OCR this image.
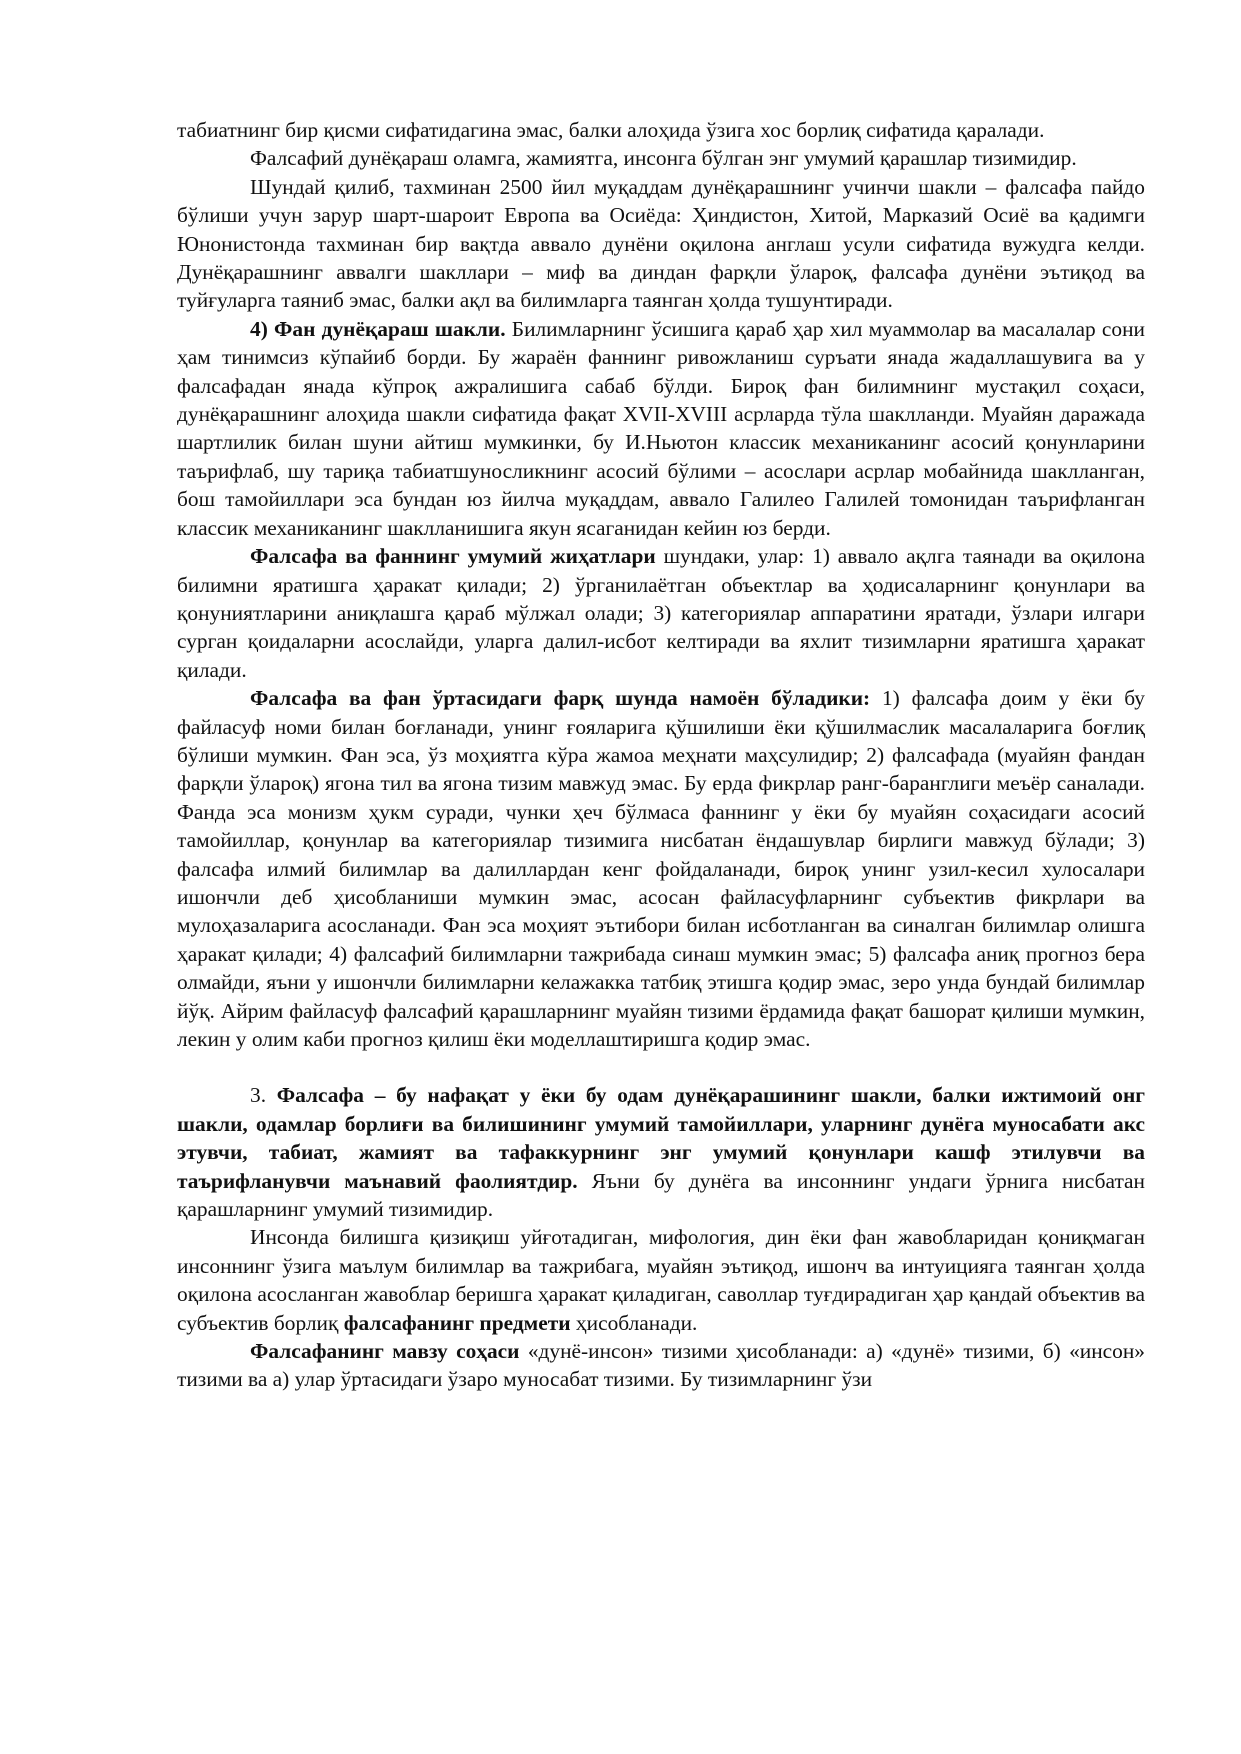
табиатнинг бир қисми сифатидагина эмас, балки алоҳида ўзига хос борлиқ сифатида қаралади.

Фалсафий дунёқараш оламга, жамиятга, инсонга бўлган энг умумий қарашлар тизимидир.

Шундай қилиб, тахминан 2500 йил муқаддам дунёқарашнинг учинчи шакли – фалсафа пайдо бўлиши учун зарур шарт-шароит Европа ва Осиёда: Ҳиндистон, Хитой, Марказий Осиё ва қадимги Юнонистонда тахминан бир вақтда аввало дунёни оқилона англаш усули сифатида вужудга келди. Дунёқарашнинг аввалги шакллари – миф ва диндан фарқли ўлароқ, фалсафа дунёни эътиқод ва туйғуларга таяниб эмас, балки ақл ва билимларга таянган ҳолда тушунтиради.

4) Фан дунёқараш шакли. Билимларнинг ўсишига қараб ҳар хил муаммолар ва масалалар сони ҳам тинимсиз кўпайиб борди. Бу жараён фаннинг ривожланиш суръати янада жадаллашувига ва у фалсафадан янада кўпроқ ажралишига сабаб бўлди. Бироқ фан билимнинг мустақил соҳаси, дунёқарашнинг алоҳида шакли сифатида фақат XVII-XVIII асрларда тўла шаклланди. Муайян даражада шартлилик билан шуни айтиш мумкинки, бу И.Ньютон классик механиканинг асосий қонунларини таърифлаб, шу тариқа табиатшуносликнинг асосий бўлими – асослари асрлар мобайнида шаклланган, бош тамойиллари эса бундан юз йилча муқаддам, аввало Галилео Галилей томонидан таърифланган классик механиканинг шаклланишига якун ясаганидан кейин юз берди.

Фалсафа ва фаннинг умумий жиҳатлари шундаки, улар: 1) аввало ақлга таянади ва оқилона билимни яратишга ҳаракат қилади; 2) ўрганилаётган объектлар ва ҳодисаларнинг қонунлари ва қонуниятларини аниқлашга қараб мўлжал олади; 3) категориялар аппаратини яратади, ўзлари илгари сурган қоидаларни асослайди, уларга далил-исбот келтиради ва яхлит тизимларни яратишга ҳаракат қилади.

Фалсафа ва фан ўртасидаги фарқ шунда намоён бўладики: 1) фалсафа доим у ёки бу файласуф номи билан боғланади, унинг ғояларига қўшилиши ёки қўшилмаслик масалаларига боғлиқ бўлиши мумкин. Фан эса, ўз моҳиятга кўра жамоа меҳнати маҳсулидир; 2) фалсафада (муайян фандан фарқли ўлароқ) ягона тил ва ягона тизим мавжуд эмас. Бу ерда фикрлар ранг-баранглиги меъёр саналади. Фанда эса монизм ҳукм суради, чунки ҳеч бўлмаса фаннинг у ёки бу муайян соҳасидаги асосий тамойиллар, қонунлар ва категориялар тизимига нисбатан ёндашувлар бирлиги мавжуд бўлади; 3) фалсафа илмий билимлар ва далиллардан кенг фойдаланади, бироқ унинг узил-кесил хулосалари ишончли деб ҳисобланиши мумкин эмас, асосан файласуфларнинг субъектив фикрлари ва мулоҳазаларига асосланади. Фан эса моҳият эътибори билан исботланган ва синалган билимлар олишга ҳаракат қилади; 4) фалсафий билимларни тажрибада синаш мумкин эмас; 5) фалсафа аниқ прогноз бера олмайди, яъни у ишончли билимларни келажакка татбиқ этишга қодир эмас, зеро унда бундай билимлар йўқ. Айрим файласуф фалсафий қарашларнинг муайян тизими ёрдамида фақат башорат қилиши мумкин, лекин у олим каби прогноз қилиш ёки моделлаштиришга қодир эмас.

3. Фалсафа – бу нафақат у ёки бу одам дунёқарашининг шакли, балки ижтимоий онг шакли, одамлар борлиғи ва билишининг умумий тамойиллари, уларнинг дунёга муносабати акс этувчи, табиат, жамият ва тафаккурнинг энг умумий қонунлари кашф этилувчи ва таърифланувчи маънавий фаолиятдир. Яъни бу дунёга ва инсоннинг ундаги ўрнига нисбатан қарашларнинг умумий тизимидир.

Инсонда билишга қизиқиш уйғотадиган, мифология, дин ёки фан жавобларидан қониқмаган инсоннинг ўзига маълум билимлар ва тажрибага, муайян эътиқод, ишонч ва интуицияга таянган ҳолда оқилона асосланган жавоблар беришга ҳаракат қиладиган, саволлар туғдирадиган ҳар қандай объектив ва субъектив борлиқ фалсафанинг предмети ҳисобланади.

Фалсафанинг мавзу соҳаси «дунё-инсон» тизими ҳисобланади: а) «дунё» тизими, б) «инсон» тизими ва а) улар ўртасидаги ўзаро муносабат тизими. Бу тизимларнинг ўзи
